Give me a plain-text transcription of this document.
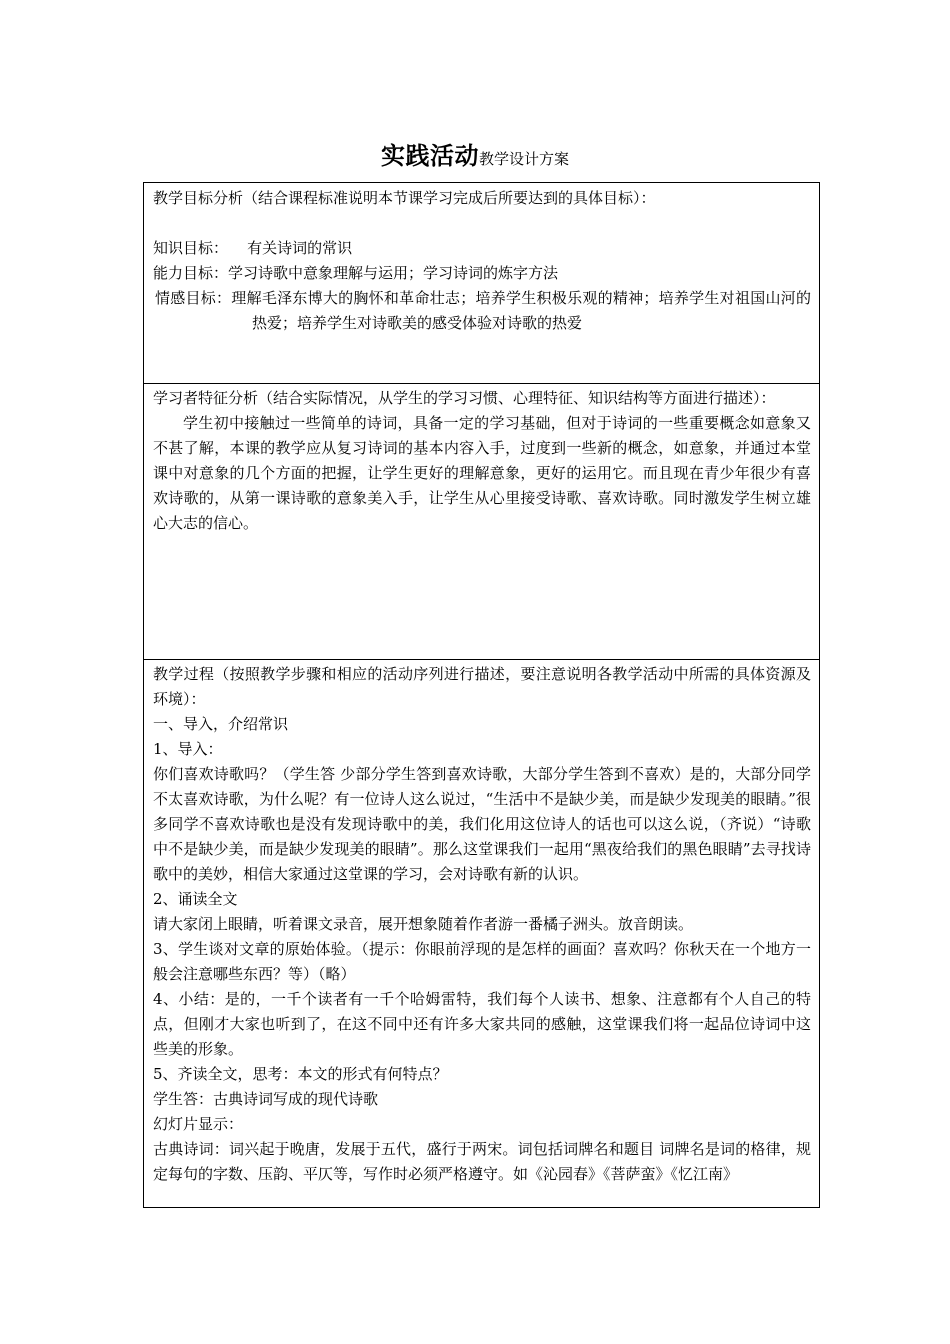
实践活动教学设计方案

教学目标分析（结合课程标准说明本节课学习完成后所要达到的具体目标）：

知识目标：    有关诗词的常识

能力目标：学习诗歌中意象理解与运用；学习诗词的炼字方法

情感目标：理解毛泽东博大的胸怀和革命壮志；培养学生积极乐观的精神；培养学生对祖国山河的热爱；培养学生对诗歌美的感受体验对诗歌的热爱

学习者特征分析（结合实际情况，从学生的学习习惯、心理特征、知识结构等方面进行描述）：

学生初中接触过一些简单的诗词，具备一定的学习基础，但对于诗词的一些重要概念如意象又不甚了解，本课的教学应从复习诗词的基本内容入手，过度到一些新的概念，如意象，并通过本堂课中对意象的几个方面的把握，让学生更好的理解意象，更好的运用它。而且现在青少年很少有喜欢诗歌的，从第一课诗歌的意象美入手，让学生从心里接受诗歌、喜欢诗歌。同时激发学生树立雄心大志的信心。

教学过程（按照教学步骤和相应的活动序列进行描述，要注意说明各教学活动中所需的具体资源及环境）：

一、导入，介绍常识

1、导入：

你们喜欢诗歌吗？（学生答 少部分学生答到喜欢诗歌，大部分学生答到不喜欢）是的，大部分同学不太喜欢诗歌，为什么呢？有一位诗人这么说过，“生活中不是缺少美，而是缺少发现美的眼睛。”很多同学不喜欢诗歌也是没有发现诗歌中的美，我们化用这位诗人的话也可以这么说，（齐说）“诗歌中不是缺少美，而是缺少发现美的眼睛”。那么这堂课我们一起用“黑夜给我们的黑色眼睛”去寻找诗歌中的美妙，相信大家通过这堂课的学习，会对诗歌有新的认识。

2、诵读全文

请大家闭上眼睛，听着课文录音，展开想象随着作者游一番橘子洲头。放音朗读。

3、学生谈对文章的原始体验。（提示：你眼前浮现的是怎样的画面？喜欢吗？你秋天在一个地方一般会注意哪些东西？等）（略）

4、小结：是的，一千个读者有一千个哈姆雷特，我们每个人读书、想象、注意都有个人自己的特点，但刚才大家也听到了，在这不同中还有许多大家共同的感触，这堂课我们将一起品位诗词中这些美的形象。

5、齐读全文，思考：本文的形式有何特点？

学生答：古典诗词写成的现代诗歌

幻灯片显示：

古典诗词：词兴起于晚唐，发展于五代，盛行于两宋。词包括词牌名和题目 词牌名是词的格律，规定每句的字数、压韵、平仄等，写作时必须严格遵守。如《沁园春》《菩萨蛮》《忆江南》
